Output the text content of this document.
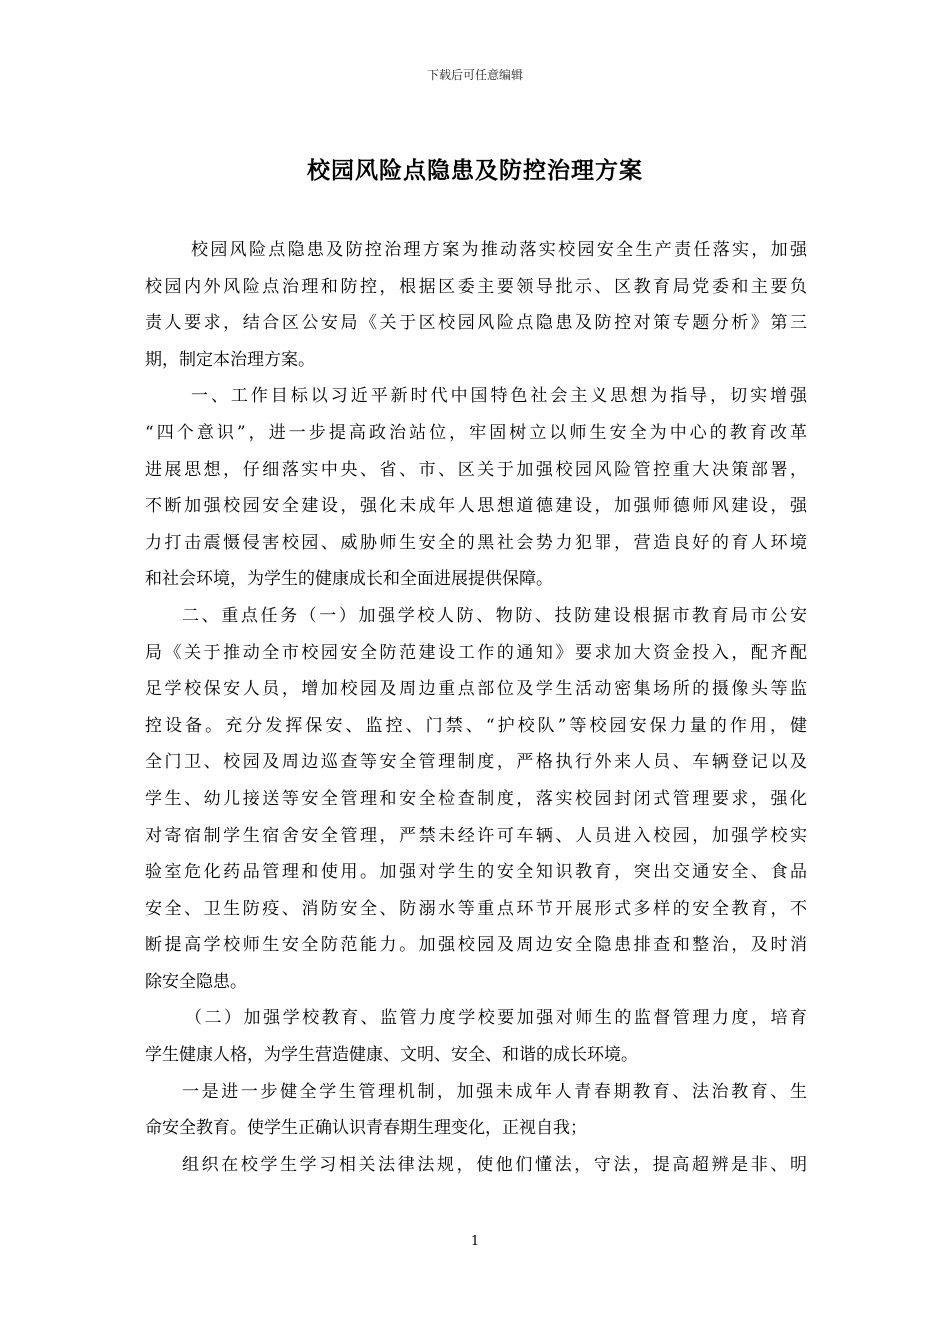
下载后可任意编辑
校园风险点隐患及防控治理方案
校园风险点隐患及防控治理方案为推动落实校园安全生产责任落实，加强
校园内外风险点治理和防控，根据区委主要领导批示、区教育局党委和主要负
责人要求，结合区公安局《关于区校园风险点隐患及防控对策专题分析》第三
期，制定本治理方案。
一、工作目标以习近平新时代中国特色社会主义思想为指导，切实增强
“四个意识”，进一步提高政治站位，牢固树立以师生安全为中心的教育改革
进展思想，仔细落实中央、省、市、区关于加强校园风险管控重大决策部署，
不断加强校园安全建设，强化未成年人思想道德建设，加强师德师风建设，强
力打击震慑侵害校园、威胁师生安全的黑社会势力犯罪，营造良好的育人环境
和社会环境，为学生的健康成长和全面进展提供保障。
二、重点任务（一）加强学校人防、物防、技防建设根据市教育局市公安
局《关于推动全市校园安全防范建设工作的通知》要求加大资金投入，配齐配
足学校保安人员，增加校园及周边重点部位及学生活动密集场所的摄像头等监
控设备。充分发挥保安、监控、门禁、“护校队”等校园安保力量的作用，健
全门卫、校园及周边巡查等安全管理制度，严格执行外来人员、车辆登记以及
学生、幼儿接送等安全管理和安全检查制度，落实校园封闭式管理要求，强化
对寄宿制学生宿舍安全管理，严禁未经许可车辆、人员进入校园，加强学校实
验室危化药品管理和使用。加强对学生的安全知识教育，突出交通安全、食品
安全、卫生防疫、消防安全、防溺水等重点环节开展形式多样的安全教育，不
断提高学校师生安全防范能力。加强校园及周边安全隐患排查和整治，及时消
除安全隐患。
（二）加强学校教育、监管力度学校要加强对师生的监督管理力度，培育
学生健康人格，为学生营造健康、文明、安全、和谐的成长环境。
一是进一步健全学生管理机制，加强未成年人青春期教育、法治教育、生
命安全教育。使学生正确认识青春期生理变化，正视自我；
组织在校学生学习相关法律法规，使他们懂法，守法，提高超辨是非、明
1
